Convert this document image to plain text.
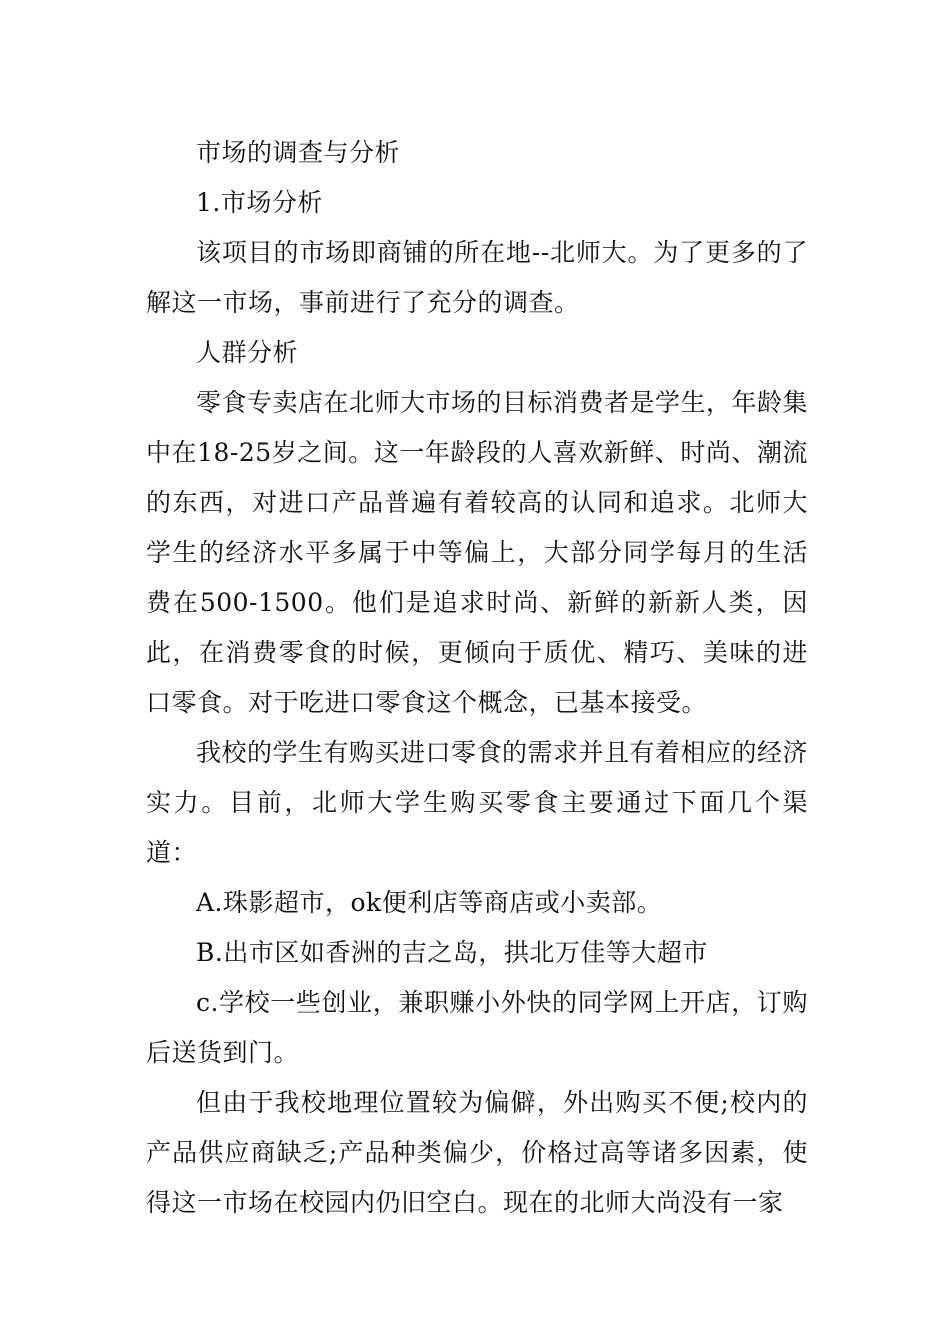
市场的调查与分析

1.市场分析

该项目的市场即商铺的所在地--北师大。为了更多的了解这一市场，事前进行了充分的调查。

人群分析

零食专卖店在北师大市场的目标消费者是学生，年龄集中在18-25岁之间。这一年龄段的人喜欢新鲜、时尚、潮流的东西，对进口产品普遍有着较高的认同和追求。北师大学生的经济水平多属于中等偏上，大部分同学每月的生活费在500-1500。他们是追求时尚、新鲜的新新人类，因此，在消费零食的时候，更倾向于质优、精巧、美味的进口零食。对于吃进口零食这个概念，已基本接受。

我校的学生有购买进口零食的需求并且有着相应的经济实力。目前，北师大学生购买零食主要通过下面几个渠道：

A.珠影超市，ok便利店等商店或小卖部。

B.出市区如香洲的吉之岛，拱北万佳等大超市

c.学校一些创业，兼职赚小外快的同学网上开店，订购后送货到门。

但由于我校地理位置较为偏僻，外出购买不便;校内的产品供应商缺乏;产品种类偏少，价格过高等诸多因素，使得这一市场在校园内仍旧空白。现在的北师大尚没有一家
